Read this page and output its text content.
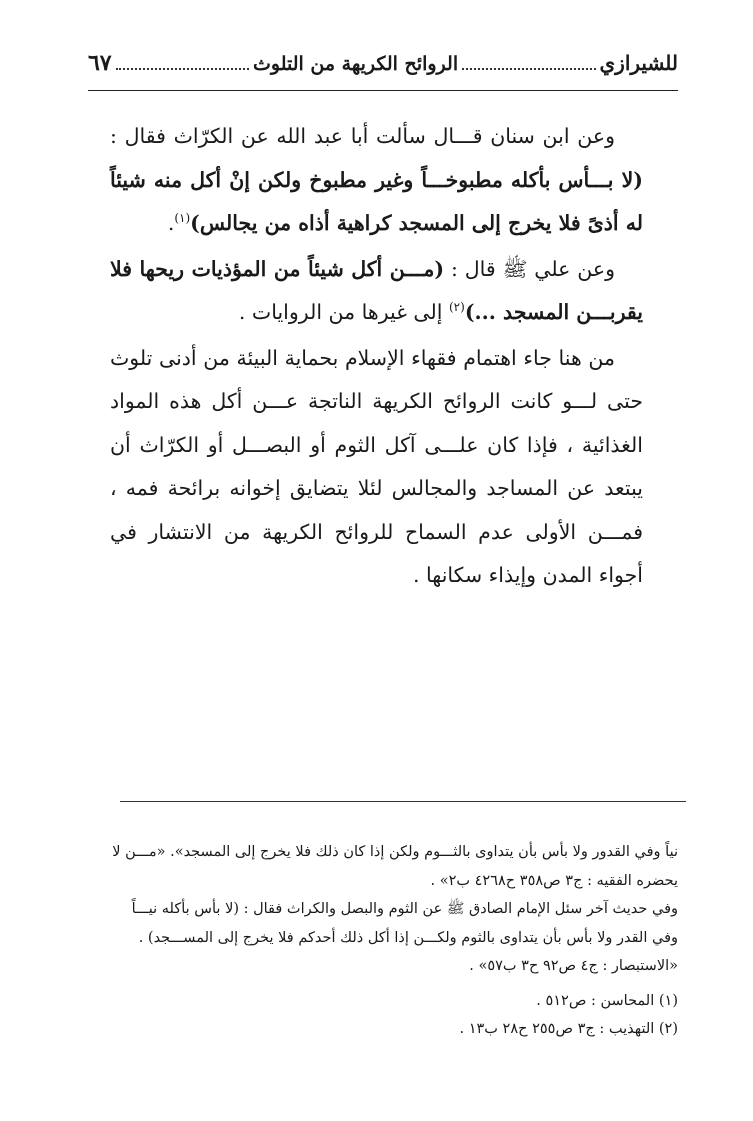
للشيرازي
الروائح الكريهة من التلوث
٦٧

وعن ابن سنان قـــال سألت أبا عبد الله عن الكرّاث فقال : (لا بـــأس بأكله مطبوخـــاً وغير مطبوخ ولكن إنْ أكل منه شيئاً له أذىً فلا يخرج إلى المسجد كراهية أذاه من يجالس)$^{(١)}$.

وعن علي ﷺ قال : (مـــن أكل شيئاً من المؤذيات ريحها فلا يقربـــن المسجد ...)$^{(٢)}$ إلى غيرها من الروايات .

من هنا جاء اهتمام فقهاء الإسلام بحماية البيئة من أدنى تلوث حتى لـــو كانت الروائح الكريهة الناتجة عـــن أكل هذه المواد الغذائية ، فإذا كان علـــى آكل الثوم أو البصـــل أو الكرّاث أن يبتعد عن المساجد والمجالس لئلا يتضايق إخوانه برائحة فمه ، فمـــن الأولى عدم السماح للروائح الكريهة من الانتشار في أجواء المدن وإيذاء سكانها .

نياً وفي القدور ولا بأس بأن يتداوى بالثـــوم ولكن إذا كان ذلك فلا يخرج إلى المسجد». «مـــن لا

يحضره الفقيه : ج٣ ص٣٥٨ ح٤٢٦٨ ب٢» .

وفي حديث آخر سئل الإمام الصادق ﷺ عن الثوم والبصل والكراث فقال : (لا بأس بأكله نيـــاً

وفي القدر ولا بأس بأن يتداوى بالثوم ولكـــن إذا أكل ذلك أحدكم فلا يخرج إلى المســـجد) .

«الاستبصار : ج٤ ص٩٢ ح٣ ب٥٧» .

(١) المحاسن : ص٥١٢ .

(٢) التهذيب : ج٣ ص٢٥٥ ح٢٨ ب١٣ .
